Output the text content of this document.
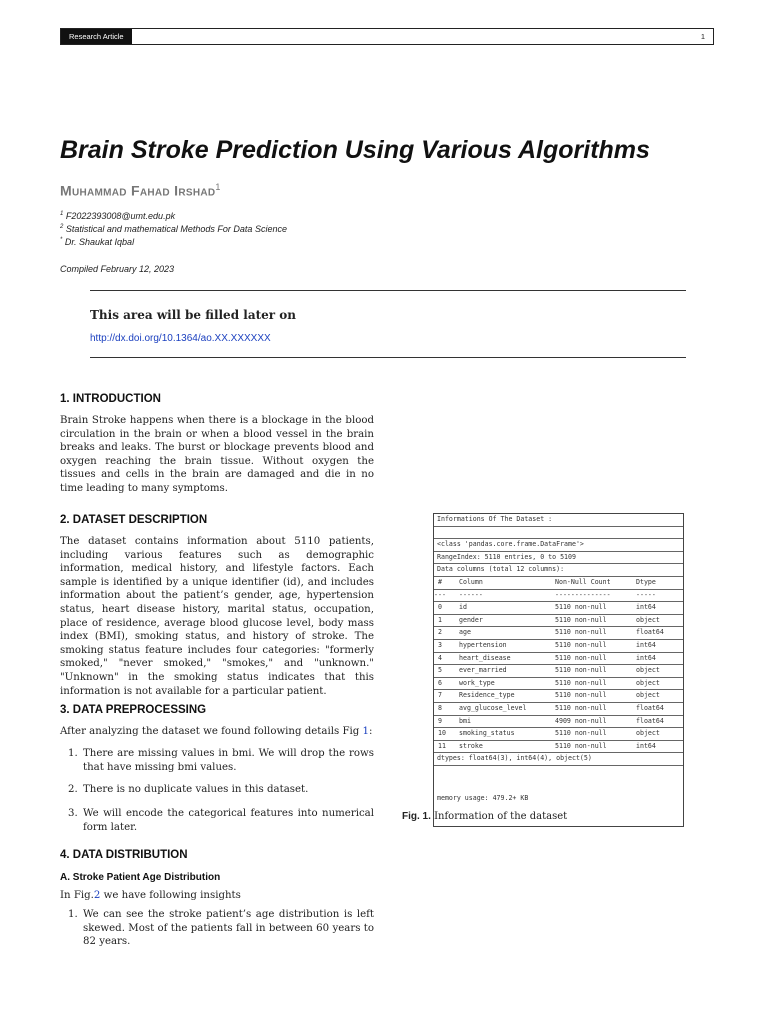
Research Article	1
Brain Stroke Prediction Using Various Algorithms
Muhammad Fahad Irshad$^1$
$^1$ F2022393008@umt.edu.pk
$^2$ Statistical and mathematical Methods For Data Science
* Dr. Shaukat Iqbal
Compiled February 12, 2023
This area will be filled later on
http://dx.doi.org/10.1364/ao.XX.XXXXXX
1. INTRODUCTION

Brain Stroke happens when there is a blockage in the blood circulation in the brain or when a blood vessel in the brain breaks and leaks. The burst or blockage prevents blood and oxygen reaching the brain tissue. Without oxygen the tissues and cells in the brain are damaged and die in no time leading to many symptoms.

2. DATASET DESCRIPTION

The dataset contains information about 5110 patients, including various features such as demographic information, medical history, and lifestyle factors. Each sample is identified by a unique identifier (id), and includes information about the patient’s gender, age, hypertension status, heart disease history, marital status, occupation, place of residence, average blood glucose level, body mass index (BMI), smoking status, and history of stroke. The smoking status feature includes four categories: "formerly smoked," "never smoked," "smokes," and "unknown." "Unknown" in the smoking status indicates that this information is not available for a particular patient.

3. DATA PREPROCESSING

After analyzing the dataset we found following details Fig 1:

1. There are missing values in bmi. We will drop the rows that have missing bmi values.
2. There is no duplicate values in this dataset.
3. We will encode the categorical features into numerical form later.
4. DATA DISTRIBUTION
A. Stroke Patient Age Distribution

In Fig.2 we have following insights

1. We can see the stroke patient’s age distribution is left skewed. Most of the patients fall in between 60 years to 82 years.
Informations Of The Dataset :
<class 'pandas.core.frame.DataFrame'>
RangeIndex: 5110 entries, 0 to 5109
Data columns (total 12 columns):
#	Column	Non-Null Count	Dtype
---	------	--------------	-----
0	id	5110 non-null	int64
1	gender	5110 non-null	object
2	age	5110 non-null	float64
3	hypertension	5110 non-null	int64
4	heart_disease	5110 non-null	int64
5	ever_married	5110 non-null	object
6	work_type	5110 non-null	object
7	Residence_type	5110 non-null	object
8	avg_glucose_level	5110 non-null	float64
9	bmi	4909 non-null	float64
10	smoking_status	5110 non-null	object
11	stroke	5110 non-null	int64
dtypes: float64(3), int64(4), object(5)
memory usage: 479.2+ KB
Fig. 1. Information of the dataset
